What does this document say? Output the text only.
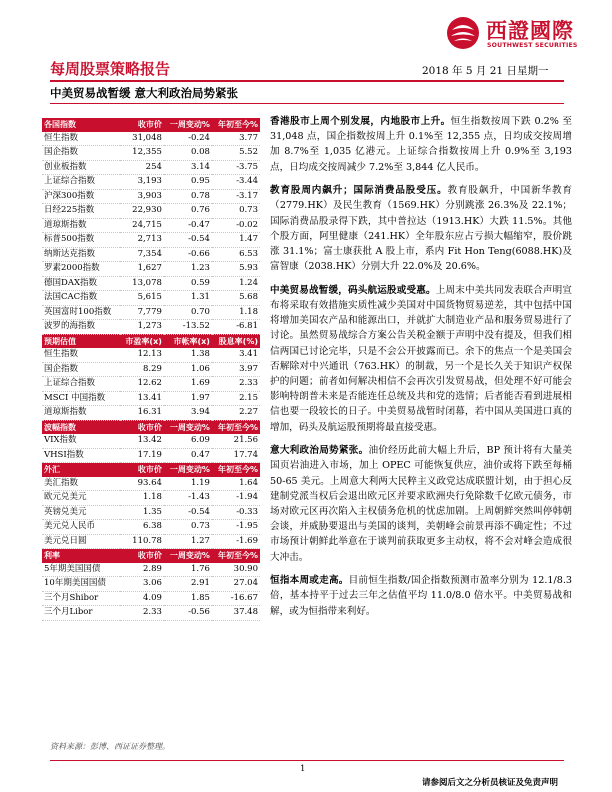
西證國際
SOUTHWEST SECURITIES
每周股票策略报告	2018 年 5 月 21 日星期一
中美贸易战暂缓 意大利政治局势紧张
各国指数	收市价	一周变动%	年初至今%
恒生指数	31,048	-0.24	3.77
国企指数	12,355	0.08	5.52
创业板指数	254	3.14	-3.75
上证综合指数	3,193	0.95	-3.44
沪深300指数	3,903	0.78	-3.17
日经225指数	22,930	0.76	0.73
道琼斯指数	24,715	-0.47	-0.02
标普500指数	2,713	-0.54	1.47
纳斯达克指数	7,354	-0.66	6.53
罗素2000指数	1,627	1.23	5.93
德国DAX指数	13,078	0.59	1.24
法国CAC指数	5,615	1.31	5.68
英国富时100指数	7,779	0.70	1.18
波罗的海指数	1,273	-13.52	-6.81
预期估值	市盈率(x)	市帐率(x)	股息率(%)
恒生指数	12.13	1.38	3.41
国企指数	8.29	1.06	3.97
上证综合指数	12.62	1.69	2.33
MSCI 中国指数	13.41	1.97	2.15
道琼斯指数	16.31	3.94	2.27
波幅指数	收市价	一周变动%	年初至今%
VIX指数	13.42	6.09	21.56
VHSI指数	17.19	0.47	17.74
外汇	收市价	一周变动%	年初至今%
美汇指数	93.64	1.19	1.64
欧元兑美元	1.18	-1.43	-1.94
英镑兑美元	1.35	-0.54	-0.33
美元兑人民币	6.38	0.73	-1.95
美元兑日圆	110.78	1.27	-1.69
利率	收市价	一周变动%	年初至今%
5年期美国国债	2.89	1.76	30.90
10年期美国国债	3.06	2.91	27.04
三个月Shibor	4.09	1.85	-16.67
三个月Libor	2.33	-0.56	37.48
资料来源：彭博、西证证券整理。

香港股市上周个别发展，内地股市上升。恒生指数按周下跌 0.2% 至 31,048 点，国企指数按周上升 0.1%至 12,355 点，日均成交按周增加 8.7%至 1,035 亿港元。上证综合指数按周上升 0.9%至 3,193 点，日均成交按周减少 7.2%至 3,844 亿人民币。

教育股周内飙升；国际消费品股受压。教育股飙升，中国新华教育（2779.HK）及民生教育（1569.HK）分别跳涨 26.3%及 22.1%；国际消费品股录得下跌，其中普拉达（1913.HK）大跌 11.5%。其他个股方面，阿里健康（241.HK）全年股东应占亏损大幅缩窄，股价跳涨 31.1%；富士康获批 A 股上市，系内 Fit Hon Teng(6088.HK)及富智康（2038.HK）分别大升 22.0%及 20.6%。

中美贸易战暂缓，码头航运股或受惠。上周末中美共同发表联合声明宣布将采取有效措施实质性减少美国对中国货物贸易逆差，其中包括中国将增加美国农产品和能源出口，并就扩大制造业产品和服务贸易进行了讨论。虽然贸易战综合方案公告关税金额于声明中没有提及，但我们相信两国已讨论完毕，只是不会公开披露而已。余下的焦点一个是美国会否解除对中兴通讯（763.HK）的制裁，另一个是长久关于知识产权保护的问题；前者如何解决相信不会再次引发贸易战，但处理不好可能会影响特朗普未来是否能连任总统及共和党的选情；后者能否看到进展相信也要一段较长的日子。中美贸易战暂时闭幕，若中国从美国进口真的增加，码头及航运股预期将最直接受惠。

意大利政治局势紧张。油价经历此前大幅上升后，BP 预计将有大量美国页岩油进入市场，加上 OPEC 可能恢复供应，油价或将下跌至每桶 50-65 美元。上周意大利两大民粹主义政党达成联盟计划，由于担心反建制党派当权后会退出欧元区并要求欧洲央行免除数千亿欧元债务，市场对欧元区再次陷入主权债务危机的忧虑加剧。上周朝鲜突然叫停韩朝会谈，并威胁要退出与美国的谈判，美朝峰会前景再添不确定性；不过市场预计朝鲜此举意在于谈判前获取更多主动权，将不会对峰会造成很大冲击。

恒指本周或走高。目前恒生指数/国企指数预测市盈率分别为 12.1/8.3 倍，基本持平于过去三年之估值平均 11.0/8.0 倍水平。中美贸易战和解，或为恒指带来利好。

1
请参阅后文之分析员核证及免责声明
